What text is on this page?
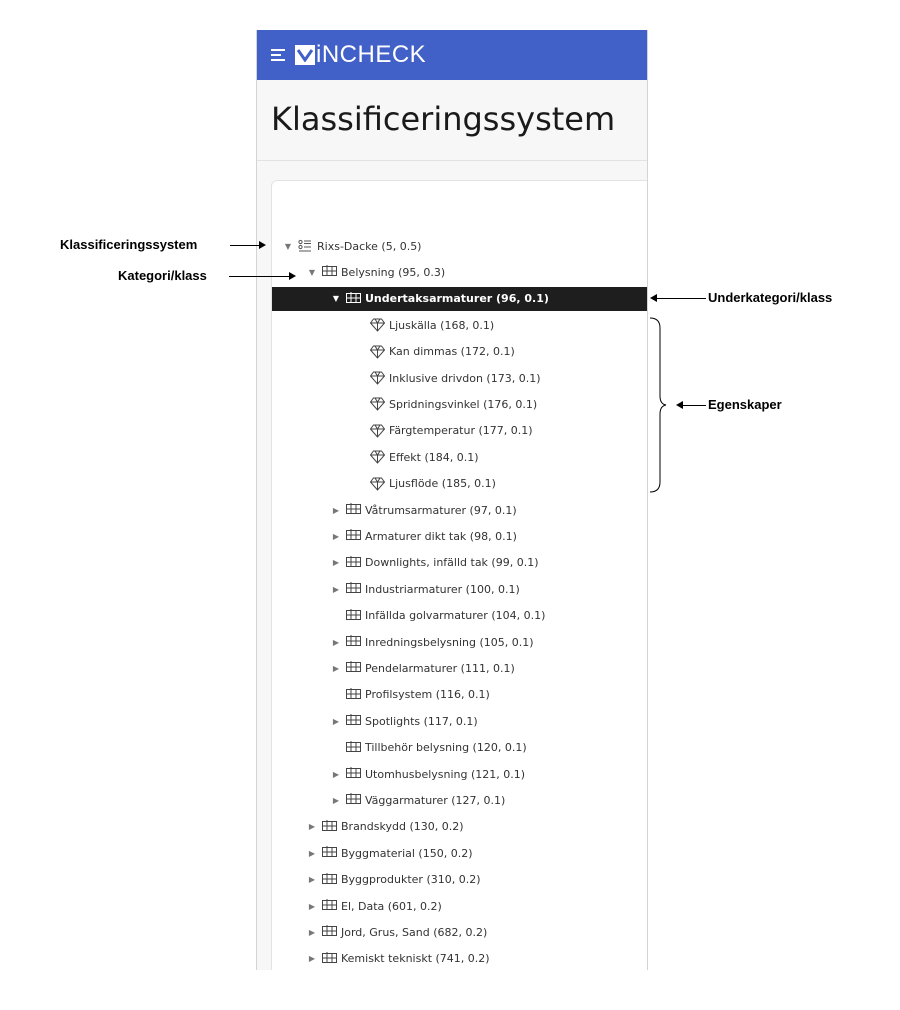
iNCHECK
Klassificeringssystem
▼ Rixs-Dacke (5, 0.5)
▼ Belysning (95, 0.3)
▼ Undertaksarmaturer (96, 0.1)
Ljuskälla (168, 0.1)
Kan dimmas (172, 0.1)
Inklusive drivdon (173, 0.1)
Spridningsvinkel (176, 0.1)
Färgtemperatur (177, 0.1)
Effekt (184, 0.1)
Ljusflöde (185, 0.1)
▶ Våtrumsarmaturer (97, 0.1)
▶ Armaturer dikt tak (98, 0.1)
▶ Downlights, infälld tak (99, 0.1)
▶ Industriarmaturer (100, 0.1)
Infällda golvarmaturer (104, 0.1)
▶ Inredningsbelysning (105, 0.1)
▶ Pendelarmaturer (111, 0.1)
Profilsystem (116, 0.1)
▶ Spotlights (117, 0.1)
Tillbehör belysning (120, 0.1)
▶ Utomhusbelysning (121, 0.1)
▶ Väggarmaturer (127, 0.1)
▶ Brandskydd (130, 0.2)
▶ Byggmaterial (150, 0.2)
▶ Byggprodukter (310, 0.2)
▶ El, Data (601, 0.2)
▶ Jord, Grus, Sand (682, 0.2)
▶ Kemiskt tekniskt (741, 0.2)
Klassificeringssystem
Kategori/klass
Underkategori/klass
Egenskaper
